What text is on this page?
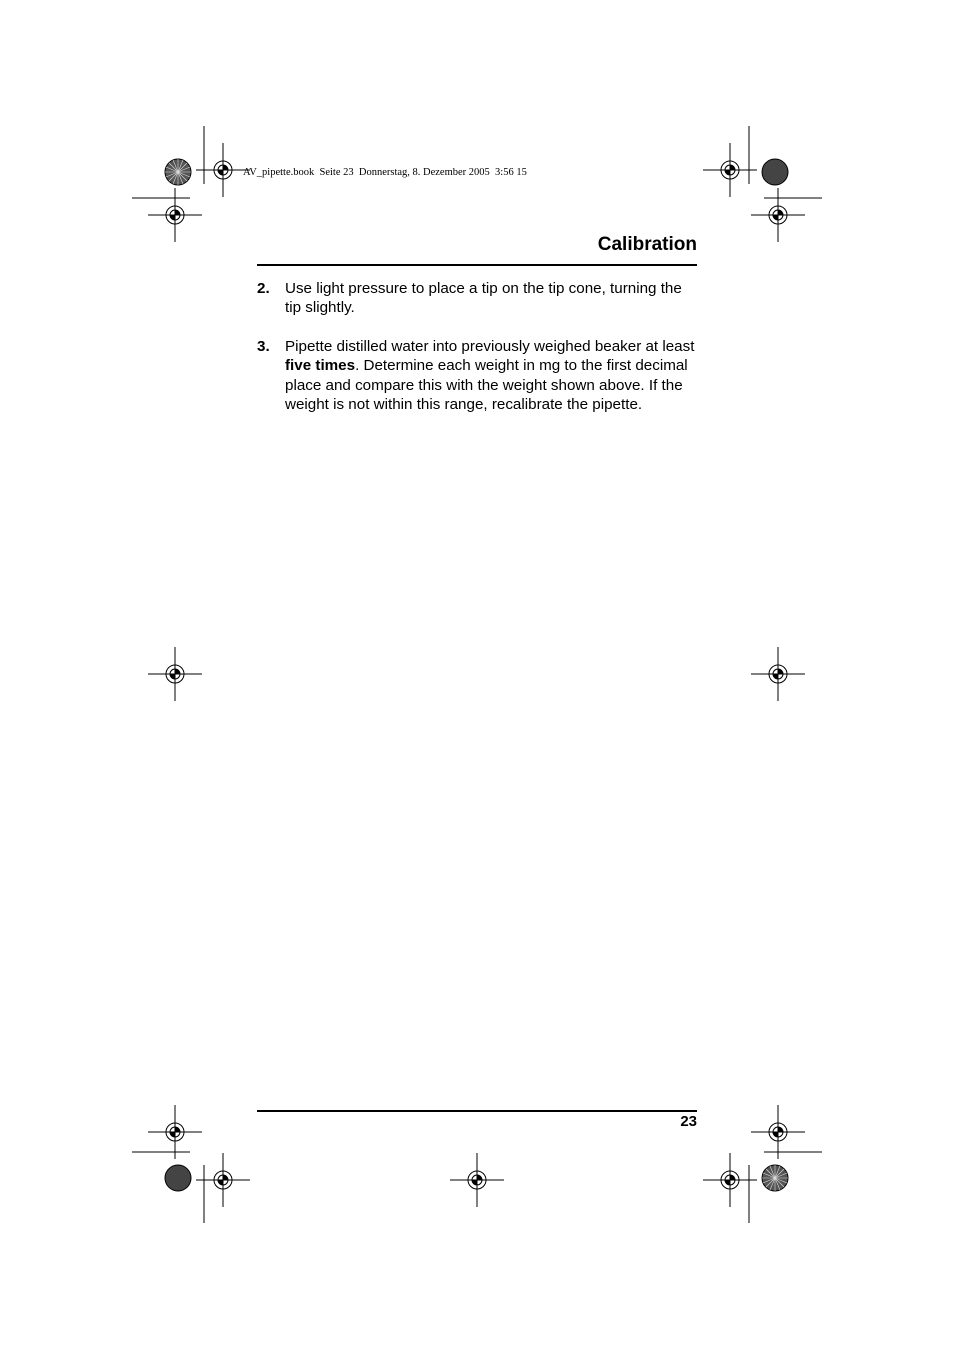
AV_pipette.book  Seite 23  Donnerstag, 8. Dezember 2005  3:56 15
Calibration
2. Use light pressure to place a tip on the tip cone, turning the tip slightly.
3. Pipette distilled water into previously weighed beaker at least five times. Determine each weight in mg to the first decimal place and compare this with the weight shown above. If the weight is not within this range, recalibrate the pipette.
23
